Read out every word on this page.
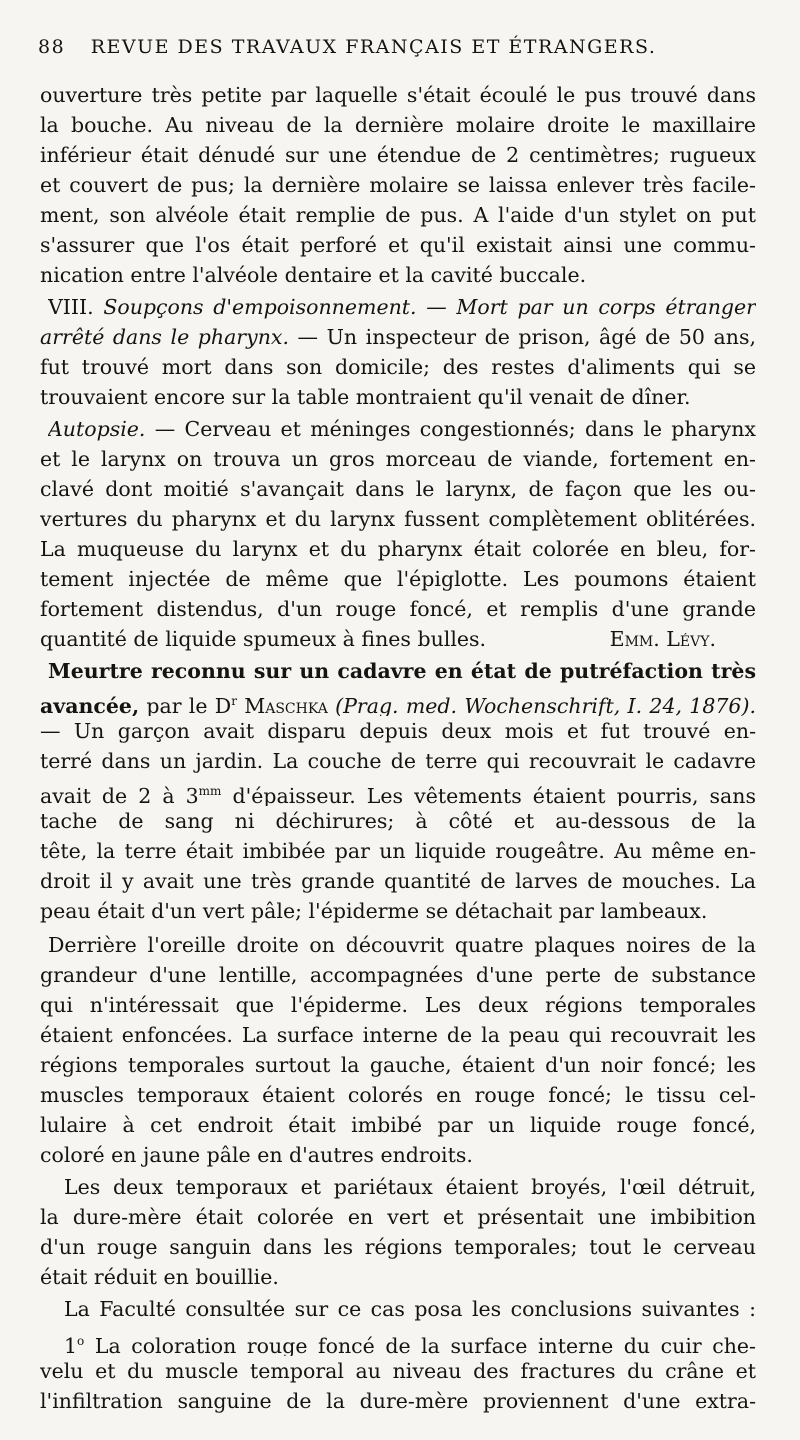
88 REVUE DES TRAVAUX FRANÇAIS ET ÉTRANGERS.
ouverture très petite par laquelle s'était écoulé le pus trouvé dans
la bouche. Au niveau de la dernière molaire droite le maxillaire
inférieur était dénudé sur une étendue de 2 centimètres; rugueux
et couvert de pus; la dernière molaire se laissa enlever très facile-
ment, son alvéole était remplie de pus. A l'aide d'un stylet on put
s'assurer que l'os était perforé et qu'il existait ainsi une commu-
nication entre l'alvéole dentaire et la cavité buccale.
VIII. Soupçons d'empoisonnement. — Mort par un corps étranger
arrêté dans le pharynx. — Un inspecteur de prison, âgé de 50 ans,
fut trouvé mort dans son domicile; des restes d'aliments qui se
trouvaient encore sur la table montraient qu'il venait de dîner.
Autopsie. — Cerveau et méninges congestionnés; dans le pharynx
et le larynx on trouva un gros morceau de viande, fortement en-
clavé dont moitié s'avançait dans le larynx, de façon que les ou-
vertures du pharynx et du larynx fussent complètement oblitérées.
La muqueuse du larynx et du pharynx était colorée en bleu, for-
tement injectée de même que l'épiglotte. Les poumons étaient
fortement distendus, d'un rouge foncé, et remplis d'une grande
quantité de liquide spumeux à fines bulles.	Emm. Lévy.
Meurtre reconnu sur un cadavre en état de putréfaction très
avancée, par le $D^r$ Maschka (Prag. med. Wochenschrift, I. 24, 1876).
— Un garçon avait disparu depuis deux mois et fut trouvé en-
terré dans un jardin. La couche de terre qui recouvrait le cadavre
avait de 2 à $3^{mm}$ d'épaisseur. Les vêtements étaient pourris, sans
tache de sang ni déchirures; à côté et au-dessous de la
tête, la terre était imbibée par un liquide rougeâtre. Au même en-
droit il y avait une très grande quantité de larves de mouches. La
peau était d'un vert pâle; l'épiderme se détachait par lambeaux.
Derrière l'oreille droite on découvrit quatre plaques noires de la
grandeur d'une lentille, accompagnées d'une perte de substance
qui n'intéressait que l'épiderme. Les deux régions temporales
étaient enfoncées. La surface interne de la peau qui recouvrait les
régions temporales surtout la gauche, étaient d'un noir foncé; les
muscles temporaux étaient colorés en rouge foncé; le tissu cel-
lulaire à cet endroit était imbibé par un liquide rouge foncé,
coloré en jaune pâle en d'autres endroits.
Les deux temporaux et pariétaux étaient broyés, l'œil détruit,
la dure-mère était colorée en vert et présentait une imbibition
d'un rouge sanguin dans les régions temporales; tout le cerveau
était réduit en bouillie.
La Faculté consultée sur ce cas posa les conclusions suivantes :
1$^o$ La coloration rouge foncé de la surface interne du cuir che-
velu et du muscle temporal au niveau des fractures du crâne et
l'infiltration sanguine de la dure-mère proviennent d'une extra-
